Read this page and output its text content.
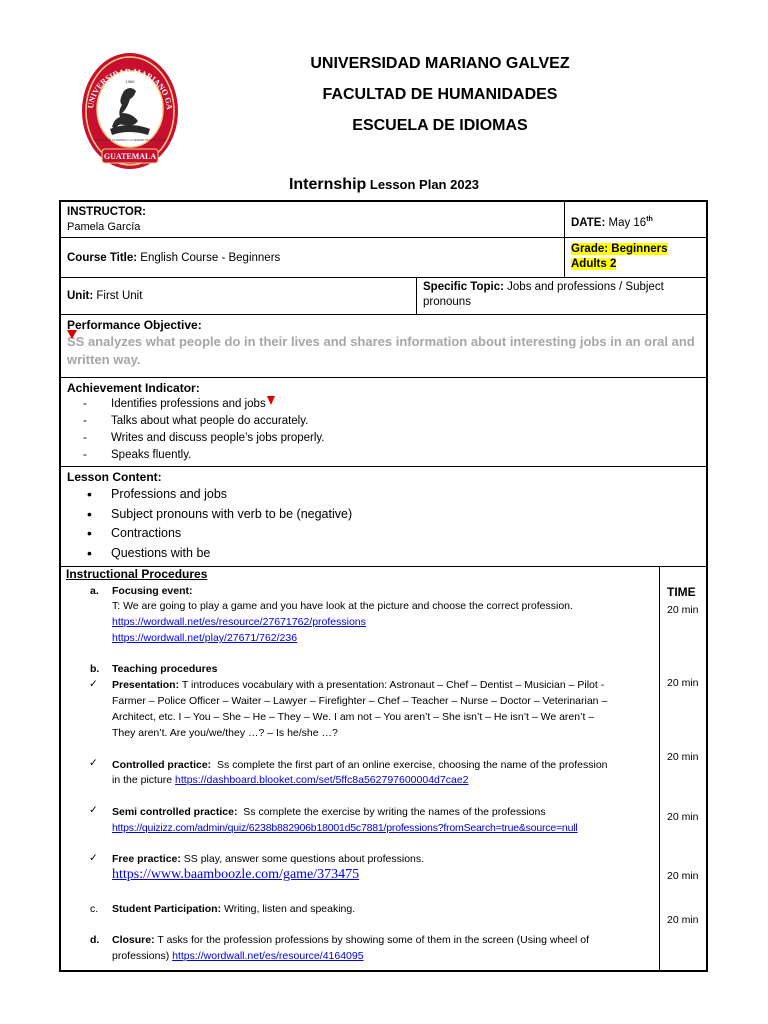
UNIVERSIDAD MARIANO GA
GUATEMALA
1966
CONOCEREIS LA VERDAD Y LA VERDAD OS HARA LIBRES
UNIVERSIDAD MARIANO GALVEZ
FACULTAD DE HUMANIDADES
ESCUELA DE IDIOMAS
Internship Lesson Plan 2023
INSTRUCTOR:
Pamela García	DATE: May 16th
Course Title: English Course - Beginners
Grade: Beginners
Adults 2
Unit: First Unit
Specific Topic: Jobs and professions / Subject pronouns
Performance Objective:
SS analyzes what people do in their lives and shares information about interesting jobs in an oral and written way.
Achievement Indicator:
- Identifies professions and jobs
- Talks about what people do accurately.
- Writes and discuss people’s jobs properly.
- Speaks fluently.
Lesson Content:
• Professions and jobs
• Subject pronouns with verb to be (negative)
• Contractions
• Questions with be
Instructional Procedures
TIME
a. Focusing event:
T: We are going to play a game and you have look at the picture and choose the correct profession.
https://wordwall.net/es/resource/27671762/professions
https://wordwall.net/play/27671/762/236
20 min
b. Teaching procedures
✓ Presentation: T introduces vocabulary with a presentation: Astronaut – Chef – Dentist – Musician – Pilot -
Farmer – Police Officer – Waiter – Lawyer – Firefighter – Chef – Teacher – Nurse – Doctor – Veterinarian –
Architect, etc. I – You – She – He – They – We. I am not – You aren’t – She isn’t – He isn’t – We aren’t –
They aren’t. Are you/we/they …? – Is he/she …?
20 min
✓ Controlled practice: Ss complete the first part of an online exercise, choosing the name of the profession
in the picture https://dashboard.blooket.com/set/5ffc8a562797600004d7cae2
20 min
✓ Semi controlled practice: Ss complete the exercise by writing the names of the professions
https://quizizz.com/admin/quiz/6238b882906b18001d5c7881/professions?fromSearch=true&source=null
20 min
✓ Free practice: SS play, answer some questions about professions.
https://www.baamboozle.com/game/373475	20 min
c. Student Participation: Writing, listen and speaking.
20 min
d. Closure: T asks for the profession professions by showing some of them in the screen (Using wheel of
professions) https://wordwall.net/es/resource/4164095
